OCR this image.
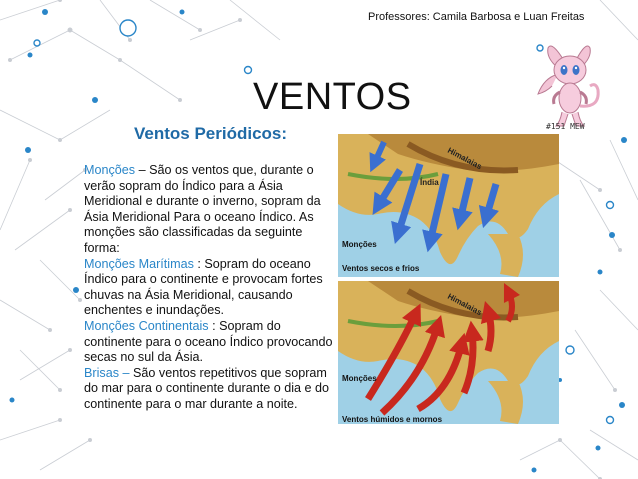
Professores: Camila Barbosa e Luan Freitas
VENTOS
#151 MEW
Ventos Periódicos:
Monções – São os ventos que, durante o verão sopram do Índico para a Ásia Meridional e durante o inverno, sopram da Ásia Meridional Para o oceano Índico. As monções são classificadas da seguinte forma:
Monções Marítimas : Sopram do oceano Índico para o continente e provocam fortes chuvas na Ásia Meridional, causando enchentes e inundações.
Monções Continentais : Sopram do continente para o oceano Índico provocando secas no sul da Ásia.
Brisas – São ventos repetitivos que sopram do mar para o continente durante o dia e do continente para o mar durante a noite.
Himalaias
Índia
Monções
Ventos secos e frios
Himalaias
Monções
Ventos húmidos e mornos
